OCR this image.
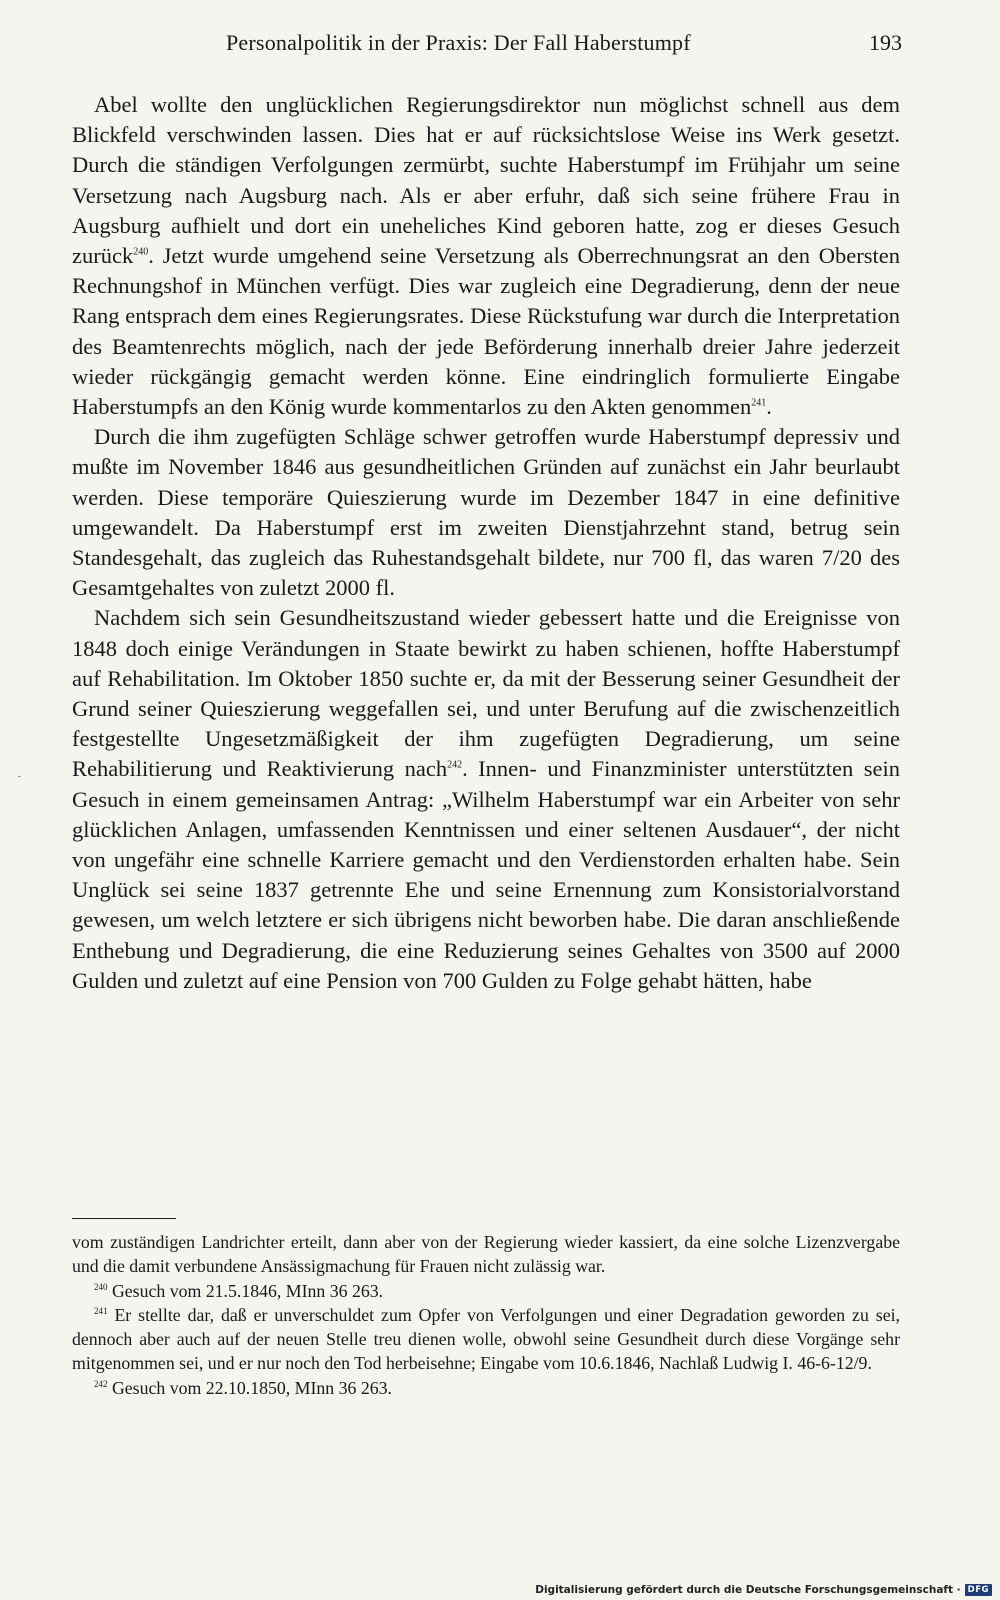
Personalpolitik in der Praxis: Der Fall Haberstumpf	193

Abel wollte den unglücklichen Regierungsdirektor nun möglichst schnell aus dem Blickfeld verschwinden lassen. Dies hat er auf rücksichtslose Weise ins Werk gesetzt. Durch die ständigen Verfolgungen zermürbt, suchte Haberstumpf im Frühjahr um seine Versetzung nach Augsburg nach. Als er aber erfuhr, daß sich seine frühere Frau in Augsburg aufhielt und dort ein uneheliches Kind geboren hatte, zog er dieses Gesuch zurück$^{240}$. Jetzt wurde umgehend seine Versetzung als Oberrechnungsrat an den Obersten Rechnungshof in München verfügt. Dies war zugleich eine Degradierung, denn der neue Rang entsprach dem eines Regierungsrates. Diese Rückstufung war durch die Interpretation des Beamtenrechts möglich, nach der jede Beförderung innerhalb dreier Jahre jederzeit wieder rückgängig gemacht werden könne. Eine eindringlich formulierte Eingabe Haberstumpfs an den König wurde kommentarlos zu den Akten genommen$^{241}$.

Durch die ihm zugefügten Schläge schwer getroffen wurde Haberstumpf depressiv und mußte im November 1846 aus gesundheitlichen Gründen auf zunächst ein Jahr beurlaubt werden. Diese temporäre Quieszierung wurde im Dezember 1847 in eine definitive umgewandelt. Da Haberstumpf erst im zweiten Dienstjahrzehnt stand, betrug sein Standesgehalt, das zugleich das Ruhestandsgehalt bildete, nur 700 fl, das waren 7/20 des Gesamtgehaltes von zuletzt 2000 fl.

Nachdem sich sein Gesundheitszustand wieder gebessert hatte und die Ereignisse von 1848 doch einige Verändungen in Staate bewirkt zu haben schienen, hoffte Haberstumpf auf Rehabilitation. Im Oktober 1850 suchte er, da mit der Besserung seiner Gesundheit der Grund seiner Quieszierung weggefallen sei, und unter Berufung auf die zwischenzeitlich festgestellte Ungesetzmäßigkeit der ihm zugefügten Degradierung, um seine Rehabilitierung und Reaktivierung nach$^{242}$. Innen- und Finanzminister unterstützten sein Gesuch in einem gemeinsamen Antrag: „Wilhelm Haberstumpf war ein Arbeiter von sehr glücklichen Anlagen, umfassenden Kenntnissen und einer seltenen Ausdauer“, der nicht von ungefähr eine schnelle Karriere gemacht und den Verdienstorden erhalten habe. Sein Unglück sei seine 1837 getrennte Ehe und seine Ernennung zum Konsistorialvorstand gewesen, um welch letztere er sich übrigens nicht beworben habe. Die daran anschließende Enthebung und Degradierung, die eine Reduzierung seines Gehaltes von 3500 auf 2000 Gulden und zuletzt auf eine Pension von 700 Gulden zu Folge gehabt hätten, habe

vom zuständigen Landrichter erteilt, dann aber von der Regierung wieder kassiert, da eine solche Lizenzvergabe und die damit verbundene Ansässigmachung für Frauen nicht zulässig war.

$^{240}$ Gesuch vom 21.5.1846, MInn 36 263.

$^{241}$ Er stellte dar, daß er unverschuldet zum Opfer von Verfolgungen und einer Degradation geworden zu sei, dennoch aber auch auf der neuen Stelle treu dienen wolle, obwohl seine Gesundheit durch diese Vorgänge sehr mitgenommen sei, und er nur noch den Tod herbeisehne; Eingabe vom 10.6.1846, Nachlaß Ludwig I. 46-6-12/9.

$^{242}$ Gesuch vom 22.10.1850, MInn 36 263.

Digitalisierung gefördert durch die Deutsche Forschungsgemeinschaft · DFG
